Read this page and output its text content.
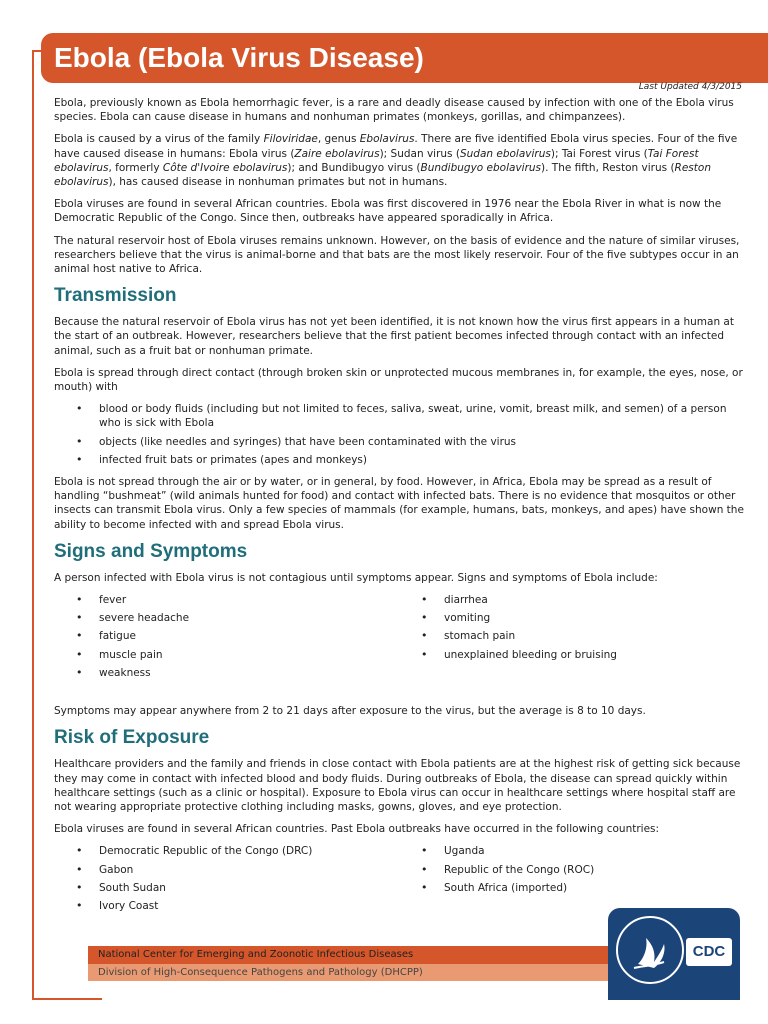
Ebola (Ebola Virus Disease)
Last Updated 4/3/2015

Ebola, previously known as Ebola hemorrhagic fever, is a rare and deadly disease caused by infection with one of the Ebola virus species. Ebola can cause disease in humans and nonhuman primates (monkeys, gorillas, and chimpanzees).

Ebola is caused by a virus of the family Filoviridae, genus Ebolavirus. There are five identified Ebola virus species. Four of the five have caused disease in humans: Ebola virus (Zaire ebolavirus); Sudan virus (Sudan ebolavirus); Tai Forest virus (Tai Forest ebolavirus, formerly Côte d'Ivoire ebolavirus); and Bundibugyo virus (Bundibugyo ebolavirus). The fifth, Reston virus (Reston ebolavirus), has caused disease in nonhuman primates but not in humans.

Ebola viruses are found in several African countries. Ebola was first discovered in 1976 near the Ebola River in what is now the Democratic Republic of the Congo. Since then, outbreaks have appeared sporadically in Africa.

The natural reservoir host of Ebola viruses remains unknown. However, on the basis of evidence and the nature of similar viruses, researchers believe that the virus is animal-borne and that bats are the most likely reservoir. Four of the five subtypes occur in an animal host native to Africa.

Transmission

Because the natural reservoir of Ebola virus has not yet been identified, it is not known how the virus first appears in a human at the start of an outbreak. However, researchers believe that the first patient becomes infected through contact with an infected animal, such as a fruit bat or nonhuman primate.

Ebola is spread through direct contact (through broken skin or unprotected mucous membranes in, for example, the eyes, nose, or mouth) with

• blood or body fluids (including but not limited to feces, saliva, sweat, urine, vomit, breast milk, and semen) of a person who is sick with Ebola
• objects (like needles and syringes) that have been contaminated with the virus
• infected fruit bats or primates (apes and monkeys)

Ebola is not spread through the air or by water, or in general, by food. However, in Africa, Ebola may be spread as a result of handling “bushmeat” (wild animals hunted for food) and contact with infected bats. There is no evidence that mosquitos or other insects can transmit Ebola virus. Only a few species of mammals (for example, humans, bats, monkeys, and apes) have shown the ability to become infected with and spread Ebola virus.

Signs and Symptoms

A person infected with Ebola virus is not contagious until symptoms appear. Signs and symptoms of Ebola include:

• fever
• severe headache
• fatigue
• muscle pain
• weakness
• diarrhea
• vomiting
• stomach pain
• unexplained bleeding or bruising

Symptoms may appear anywhere from 2 to 21 days after exposure to the virus, but the average is 8 to 10 days.

Risk of Exposure

Healthcare providers and the family and friends in close contact with Ebola patients are at the highest risk of getting sick because they may come in contact with infected blood and body fluids. During outbreaks of Ebola, the disease can spread quickly within healthcare settings (such as a clinic or hospital). Exposure to Ebola virus can occur in healthcare settings where hospital staff are not wearing appropriate protective clothing including masks, gowns, gloves, and eye protection.

Ebola viruses are found in several African countries. Past Ebola outbreaks have occurred in the following countries:

• Democratic Republic of the Congo (DRC)
• Gabon
• South Sudan
• Ivory Coast
• Uganda
• Republic of the Congo (ROC)
• South Africa (imported)
National Center for Emerging and Zoonotic Infectious Diseases
Division of High-Consequence Pathogens and Pathology (DHCPP)
CDC
